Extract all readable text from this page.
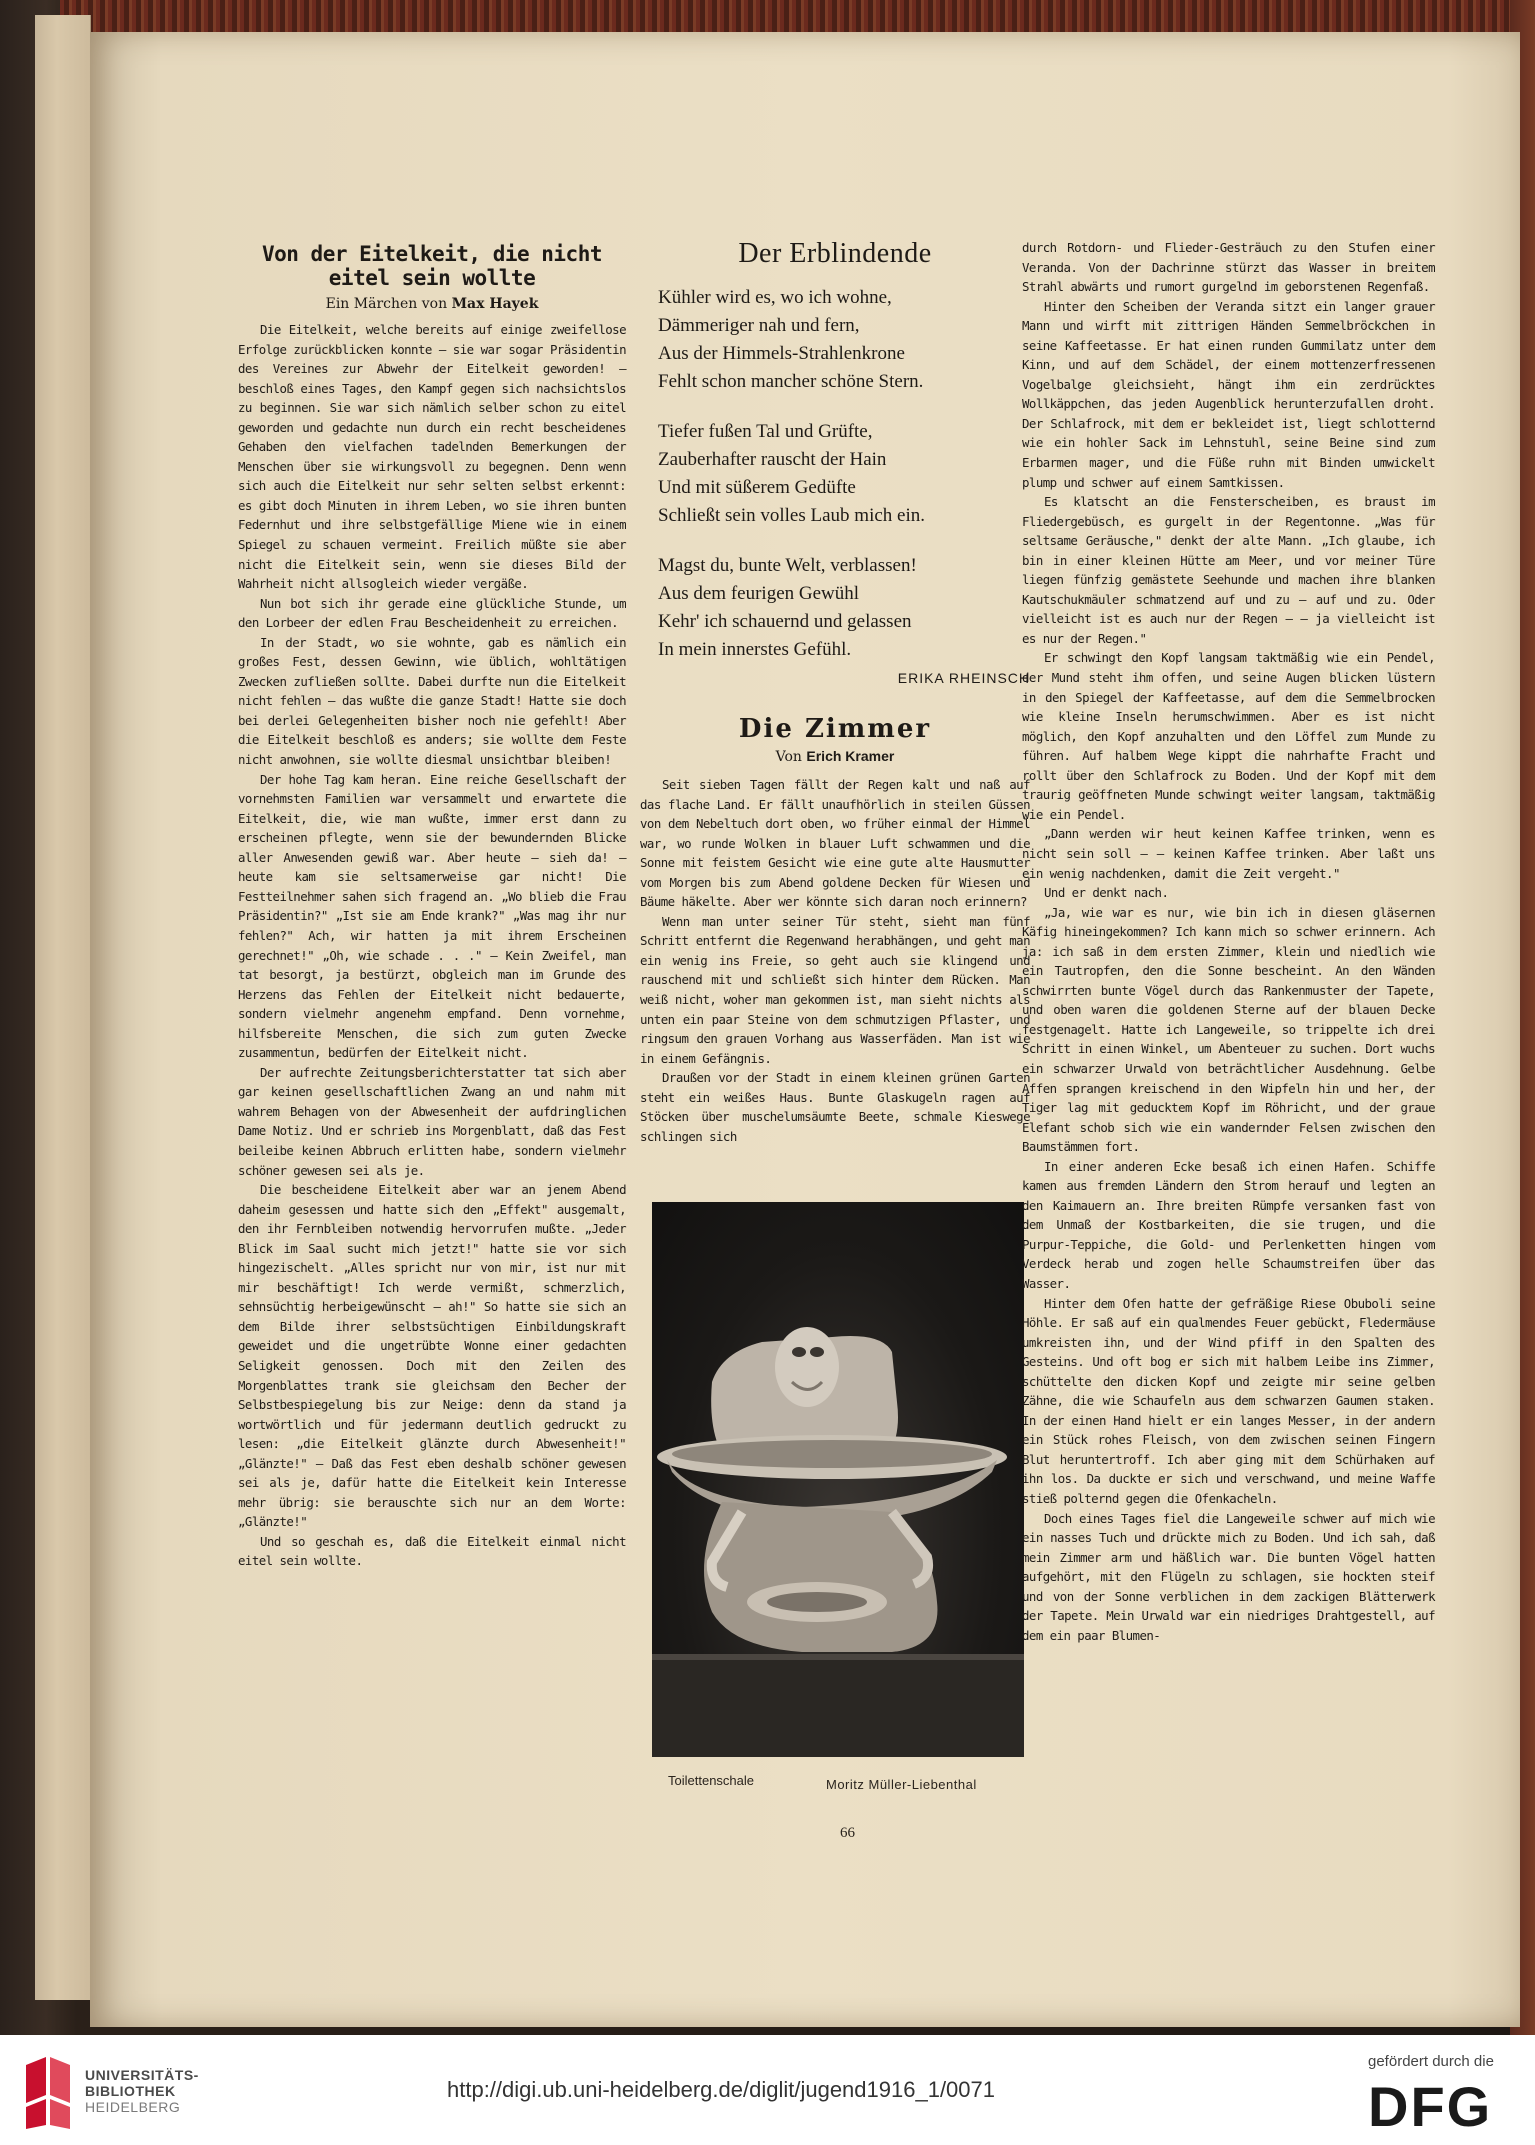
Von der Eitelkeit, die nicht eitel sein wollte
Ein Märchen von Max Hayek

Die Eitelkeit, welche bereits auf einige zweifellose Erfolge zurückblicken konnte — sie war sogar Präsidentin des Vereines zur Abwehr der Eitelkeit geworden! — beschloß eines Tages, den Kampf gegen sich nachsichtslos zu beginnen. Sie war sich nämlich selber schon zu eitel geworden und gedachte nun durch ein recht bescheidenes Gehaben den vielfachen tadelnden Bemerkungen der Menschen über sie wirkungsvoll zu begegnen. Denn wenn sich auch die Eitelkeit nur sehr selten selbst erkennt: es gibt doch Minuten in ihrem Leben, wo sie ihren bunten Federnhut und ihre selbstgefällige Miene wie in einem Spiegel zu schauen vermeint. Freilich müßte sie aber nicht die Eitelkeit sein, wenn sie dieses Bild der Wahrheit nicht allsogleich wieder vergäße.

Nun bot sich ihr gerade eine glückliche Stunde, um den Lorbeer der edlen Frau Bescheidenheit zu erreichen.

In der Stadt, wo sie wohnte, gab es nämlich ein großes Fest, dessen Gewinn, wie üblich, wohltätigen Zwecken zufließen sollte. Dabei durfte nun die Eitelkeit nicht fehlen — das wußte die ganze Stadt! Hatte sie doch bei derlei Gelegenheiten bisher noch nie gefehlt! Aber die Eitelkeit beschloß es anders; sie wollte dem Feste nicht anwohnen, sie wollte diesmal unsichtbar bleiben!

Der hohe Tag kam heran. Eine reiche Gesellschaft der vornehmsten Familien war versammelt und erwartete die Eitelkeit, die, wie man wußte, immer erst dann zu erscheinen pflegte, wenn sie der bewundernden Blicke aller Anwesenden gewiß war. Aber heute — sieh da! — heute kam sie seltsamerweise gar nicht! Die Festteilnehmer sahen sich fragend an. „Wo blieb die Frau Präsidentin?" „Ist sie am Ende krank?" „Was mag ihr nur fehlen?" Ach, wir hatten ja mit ihrem Erscheinen gerechnet!" „Oh, wie schade . . ." — Kein Zweifel, man tat besorgt, ja bestürzt, obgleich man im Grunde des Herzens das Fehlen der Eitelkeit nicht bedauerte, sondern vielmehr angenehm empfand. Denn vornehme, hilfsbereite Menschen, die sich zum guten Zwecke zusammentun, bedürfen der Eitelkeit nicht.

Der aufrechte Zeitungsberichterstatter tat sich aber gar keinen gesellschaftlichen Zwang an und nahm mit wahrem Behagen von der Abwesenheit der aufdringlichen Dame Notiz. Und er schrieb ins Morgenblatt, daß das Fest beileibe keinen Abbruch erlitten habe, sondern vielmehr schöner gewesen sei als je.

Die bescheidene Eitelkeit aber war an jenem Abend daheim gesessen und hatte sich den „Effekt" ausgemalt, den ihr Fernbleiben notwendig hervorrufen mußte. „Jeder Blick im Saal sucht mich jetzt!" hatte sie vor sich hingezischelt. „Alles spricht nur von mir, ist nur mit mir beschäftigt! Ich werde vermißt, schmerzlich, sehnsüchtig herbeigewünscht — ah!" So hatte sie sich an dem Bilde ihrer selbstsüchtigen Einbildungskraft geweidet und die ungetrübte Wonne einer gedachten Seligkeit genossen. Doch mit den Zeilen des Morgenblattes trank sie gleichsam den Becher der Selbstbespiegelung bis zur Neige: denn da stand ja wortwörtlich und für jedermann deutlich gedruckt zu lesen: „die Eitelkeit glänzte durch Abwesenheit!" „Glänzte!" — Daß das Fest eben deshalb schöner gewesen sei als je, dafür hatte die Eitelkeit kein Interesse mehr übrig: sie berauschte sich nur an dem Worte: „Glänzte!"

Und so geschah es, daß die Eitelkeit einmal nicht eitel sein wollte.

Der Erblindende
Kühler wird es, wo ich wohne,
Dämmeriger nah und fern,
Aus der Himmels-Strahlenkrone
Fehlt schon mancher schöne Stern.
Tiefer fußen Tal und Grüfte,
Zauberhafter rauscht der Hain
Und mit süßerem Gedüfte
Schließt sein volles Laub mich ein.
Magst du, bunte Welt, verblassen!
Aus dem feurigen Gewühl
Kehr' ich schauernd und gelassen
In mein innerstes Gefühl.
ERIKA RHEINSCH
Die Zimmer
Von Erich Kramer

Seit sieben Tagen fällt der Regen kalt und naß auf das flache Land. Er fällt unaufhörlich in steilen Güssen von dem Nebeltuch dort oben, wo früher einmal der Himmel war, wo runde Wolken in blauer Luft schwammen und die Sonne mit feistem Gesicht wie eine gute alte Hausmutter vom Morgen bis zum Abend goldene Decken für Wiesen und Bäume häkelte. Aber wer könnte sich daran noch erinnern?

Wenn man unter seiner Tür steht, sieht man fünf Schritt entfernt die Regenwand herabhängen, und geht man ein wenig ins Freie, so geht auch sie klingend und rauschend mit und schließt sich hinter dem Rücken. Man weiß nicht, woher man gekommen ist, man sieht nichts als unten ein paar Steine von dem schmutzigen Pflaster, und ringsum den grauen Vorhang aus Wasserfäden. Man ist wie in einem Gefängnis.

Draußen vor der Stadt in einem kleinen grünen Garten steht ein weißes Haus. Bunte Glaskugeln ragen auf Stöcken über muschelumsäumte Beete, schmale Kieswege schlingen sich

Toilettenschale	Moritz Müller-Liebenthal

durch Rotdorn- und Flieder-Gesträuch zu den Stufen einer Veranda. Von der Dachrinne stürzt das Wasser in breitem Strahl abwärts und rumort gurgelnd im geborstenen Regenfaß.

Hinter den Scheiben der Veranda sitzt ein langer grauer Mann und wirft mit zittrigen Händen Semmelbröckchen in seine Kaffeetasse. Er hat einen runden Gummilatz unter dem Kinn, und auf dem Schädel, der einem mottenzerfressenen Vogelbalge gleichsieht, hängt ihm ein zerdrücktes Wollkäppchen, das jeden Augenblick herunterzufallen droht. Der Schlafrock, mit dem er bekleidet ist, liegt schlotternd wie ein hohler Sack im Lehnstuhl, seine Beine sind zum Erbarmen mager, und die Füße ruhn mit Binden umwickelt plump und schwer auf einem Samtkissen.

Es klatscht an die Fensterscheiben, es braust im Fliedergebüsch, es gurgelt in der Regentonne. „Was für seltsame Geräusche," denkt der alte Mann. „Ich glaube, ich bin in einer kleinen Hütte am Meer, und vor meiner Türe liegen fünfzig gemästete Seehunde und machen ihre blanken Kautschukmäuler schmatzend auf und zu — auf und zu. Oder vielleicht ist es auch nur der Regen — — ja vielleicht ist es nur der Regen."

Er schwingt den Kopf langsam taktmäßig wie ein Pendel, der Mund steht ihm offen, und seine Augen blicken lüstern in den Spiegel der Kaffeetasse, auf dem die Semmelbrocken wie kleine Inseln herumschwimmen. Aber es ist nicht möglich, den Kopf anzuhalten und den Löffel zum Munde zu führen. Auf halbem Wege kippt die nahrhafte Fracht und rollt über den Schlafrock zu Boden. Und der Kopf mit dem traurig geöffneten Munde schwingt weiter langsam, taktmäßig wie ein Pendel.

„Dann werden wir heut keinen Kaffee trinken, wenn es nicht sein soll — — keinen Kaffee trinken. Aber laßt uns ein wenig nachdenken, damit die Zeit vergeht."

Und er denkt nach.

„Ja, wie war es nur, wie bin ich in diesen gläsernen Käfig hineingekommen? Ich kann mich so schwer erinnern. Ach ja: ich saß in dem ersten Zimmer, klein und niedlich wie ein Tautropfen, den die Sonne bescheint. An den Wänden schwirrten bunte Vögel durch das Rankenmuster der Tapete, und oben waren die goldenen Sterne auf der blauen Decke festgenagelt. Hatte ich Langeweile, so trippelte ich drei Schritt in einen Winkel, um Abenteuer zu suchen. Dort wuchs ein schwarzer Urwald von beträchtlicher Ausdehnung. Gelbe Affen sprangen kreischend in den Wipfeln hin und her, der Tiger lag mit geducktem Kopf im Röhricht, und der graue Elefant schob sich wie ein wandernder Felsen zwischen den Baumstämmen fort.

In einer anderen Ecke besaß ich einen Hafen. Schiffe kamen aus fremden Ländern den Strom herauf und legten an den Kaimauern an. Ihre breiten Rümpfe versanken fast von dem Unmaß der Kostbarkeiten, die sie trugen, und die Purpur-Teppiche, die Gold- und Perlenketten hingen vom Verdeck herab und zogen helle Schaumstreifen über das Wasser.

Hinter dem Ofen hatte der gefräßige Riese Obuboli seine Höhle. Er saß auf ein qualmendes Feuer gebückt, Fledermäuse umkreisten ihn, und der Wind pfiff in den Spalten des Gesteins. Und oft bog er sich mit halbem Leibe ins Zimmer, schüttelte den dicken Kopf und zeigte mir seine gelben Zähne, die wie Schaufeln aus dem schwarzen Gaumen staken. In der einen Hand hielt er ein langes Messer, in der andern ein Stück rohes Fleisch, von dem zwischen seinen Fingern Blut heruntertroff. Ich aber ging mit dem Schürhaken auf ihn los. Da duckte er sich und verschwand, und meine Waffe stieß polternd gegen die Ofenkacheln.

Doch eines Tages fiel die Langeweile schwer auf mich wie ein nasses Tuch und drückte mich zu Boden. Und ich sah, daß mein Zimmer arm und häßlich war. Die bunten Vögel hatten aufgehört, mit den Flügeln zu schlagen, sie hockten steif und von der Sonne verblichen in dem zackigen Blätterwerk der Tapete. Mein Urwald war ein niedriges Drahtgestell, auf dem ein paar Blumen-

66
UNIVERSITÄTS-
BIBLIOTHEK
HEIDELBERG
http://digi.ub.uni-heidelberg.de/diglit/jugend1916_1/0071
gefördert durch die
DFG
